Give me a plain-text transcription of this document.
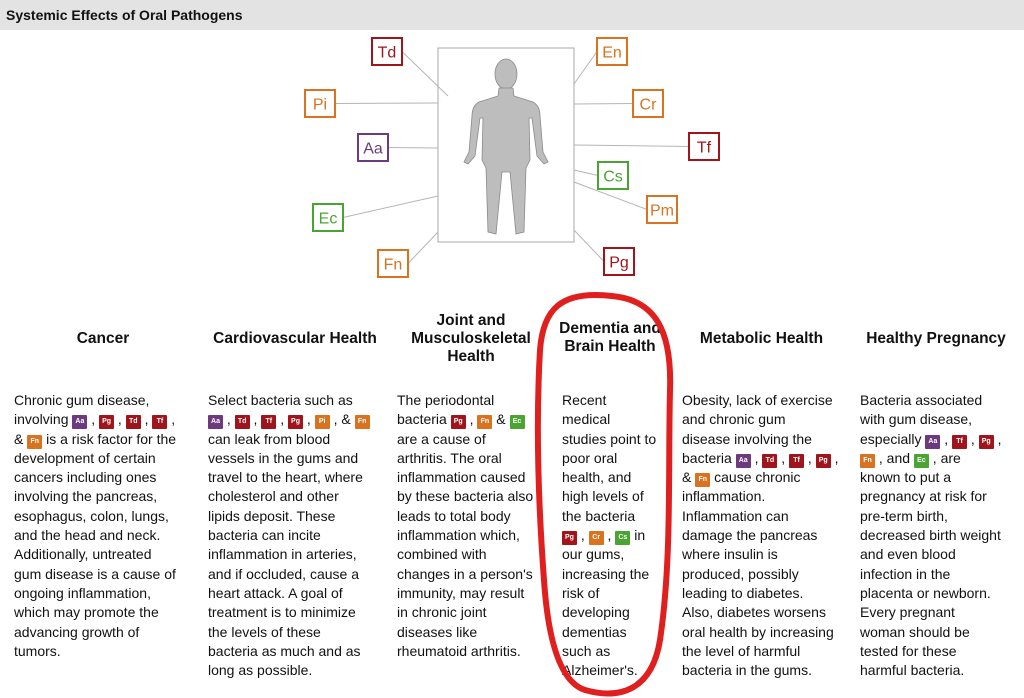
Systemic Effects of Oral Pathogens
Td
Pi
Aa
Ec
Fn
En
Cr
Tf
Cs
Pm
Pg
Cancer
Chronic gum disease,
involving Aa , Pg , Td , Tf ,
& Fn is a risk factor for the
development of certain
cancers including ones
involving the pancreas,
esophagus, colon, lungs,
and the head and neck.
Additionally, untreated
gum disease is a cause of
ongoing inflammation,
which may promote the
advancing growth of
tumors.
Cardiovascular Health
Select bacteria such as
Aa , Td , Tf , Pg , Pi , & Fn
can leak from blood
vessels in the gums and
travel to the heart, where
cholesterol and other
lipids deposit. These
bacteria can incite
inflammation in arteries,
and if occluded, cause a
heart attack. A goal of
treatment is to minimize
the levels of these
bacteria as much and as
long as possible.
Joint and
Musculoskeletal
Health
The periodontal
bacteria Pg , Fn & Ec
are a cause of
arthritis. The oral
inflammation caused
by these bacteria also
leads to total body
inflammation which,
combined with
changes in a person's
immunity, may result
in chronic joint
diseases like
rheumatoid arthritis.
Dementia and
Brain Health
Recent
medical
studies point to
poor oral
health, and
high levels of
the bacteria
Pg , Cr , Cs in
our gums,
increasing the
risk of
developing
dementias
such as
Alzheimer's.
Metabolic Health
Obesity, lack of exercise
and chronic gum
disease involving the
bacteria Aa , Td , Tf , Pg ,
& Fn cause chronic
inflammation.
Inflammation can
damage the pancreas
where insulin is
produced, possibly
leading to diabetes.
Also, diabetes worsens
oral health by increasing
the level of harmful
bacteria in the gums.
Healthy Pregnancy
Bacteria associated
with gum disease,
especially Aa , Tf , Pg ,
Fn , and Ec , are
known to put a
pregnancy at risk for
pre-term birth,
decreased birth weight
and even blood
infection in the
placenta or newborn.
Every pregnant
woman should be
tested for these
harmful bacteria.
